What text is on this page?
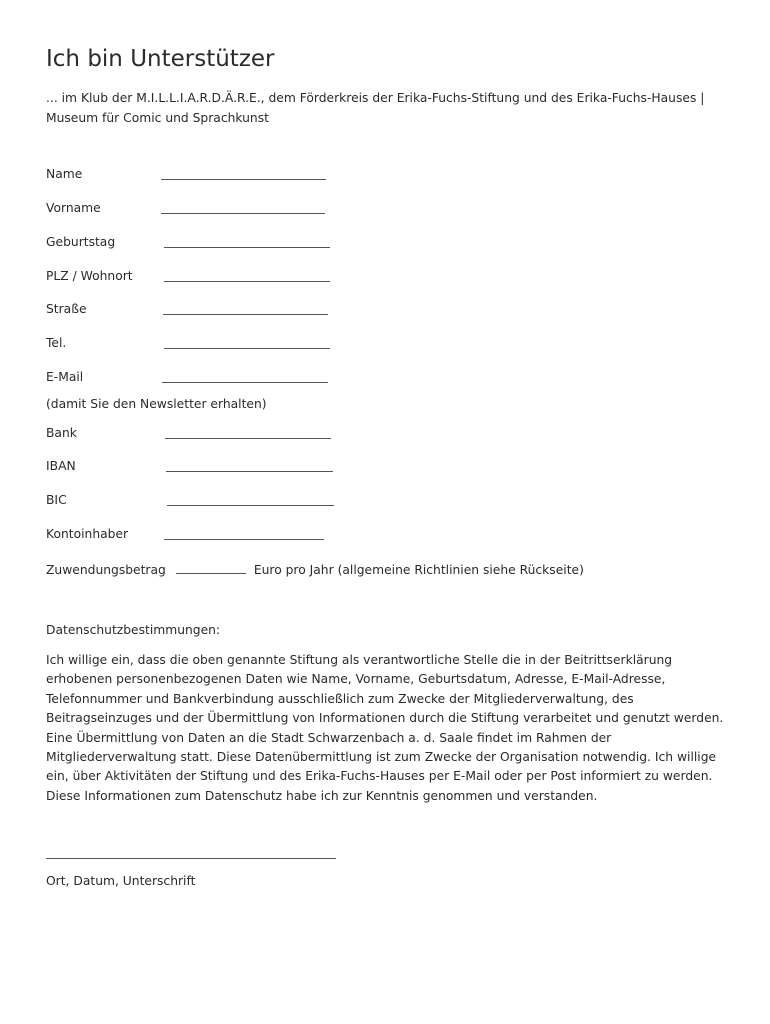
Ich bin Unterstützer

... im Klub der M.I.L.L.I.A.R.D.Ä.R.E., dem Förderkreis der Erika-Fuchs-Stiftung und des Erika-Fuchs-Hauses | Museum für Comic und Sprachkunst

Name
Vorname
Geburtstag
PLZ / Wohnort
Straße
Tel.
E-Mail
(damit Sie den Newsletter erhalten)
Bank
IBAN
BIC
Kontoinhaber
Zuwendungsbetrag	Euro pro Jahr (allgemeine Richtlinien siehe Rückseite)
Datenschutzbestimmungen:

Ich willige ein, dass die oben genannte Stiftung als verantwortliche Stelle die in der Beitrittserklärung erhobenen personenbezogenen Daten wie Name, Vorname, Geburtsdatum, Adresse, E-Mail-Adresse, Telefonnummer und Bankverbindung ausschließlich zum Zwecke der Mitgliederverwaltung, des Beitragseinzuges und der Übermittlung von Informationen durch die Stiftung verarbeitet und genutzt werden. Eine Übermittlung von Daten an die Stadt Schwarzenbach a. d. Saale findet im Rahmen der Mitgliederverwaltung statt. Diese Datenübermittlung ist zum Zwecke der Organisation notwendig. Ich willige ein, über Aktivitäten der Stiftung und des Erika-Fuchs-Hauses per E-Mail oder per Post informiert zu werden. Diese Informationen zum Datenschutz habe ich zur Kenntnis genommen und verstanden.

Ort, Datum, Unterschrift
